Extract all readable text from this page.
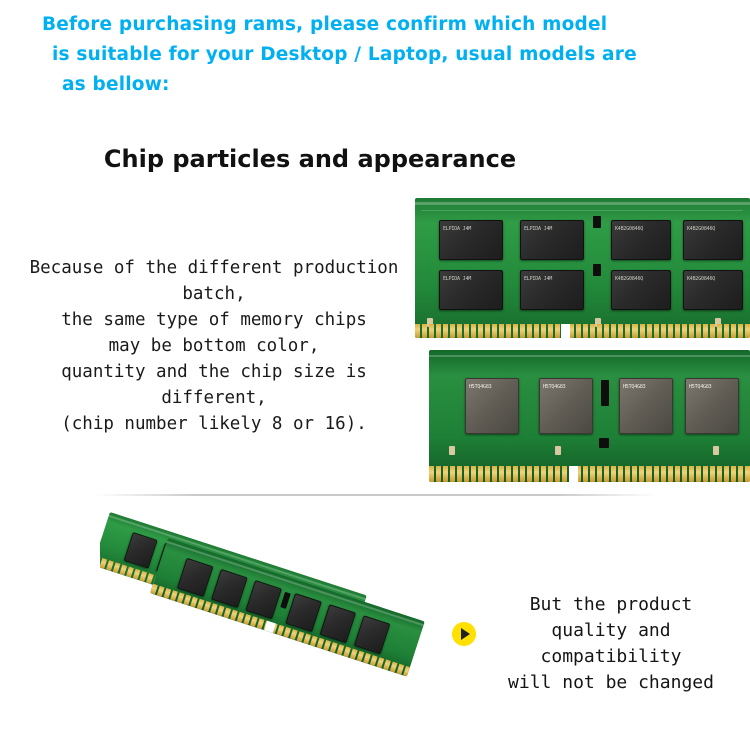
Before purchasing rams, please confirm which model
is suitable for your Desktop / Laptop, usual models are
as bellow:
Chip particles and appearance
Because of the different production batch,
the same type of memory chips
may be bottom color,
quantity and the chip size is different,
(chip number likely 8 or 16).
ELPIDA J4M	ELPIDA J4M	K4B2G0846Q	K4B2G0846Q
ELPIDA J4M	ELPIDA J4M	K4B2G0846Q	K4B2G0846Q
H5TQ4G83	H5TQ4G83	H5TQ4G83	H5TQ4G83
But the product
quality and compatibility
will not be changed
